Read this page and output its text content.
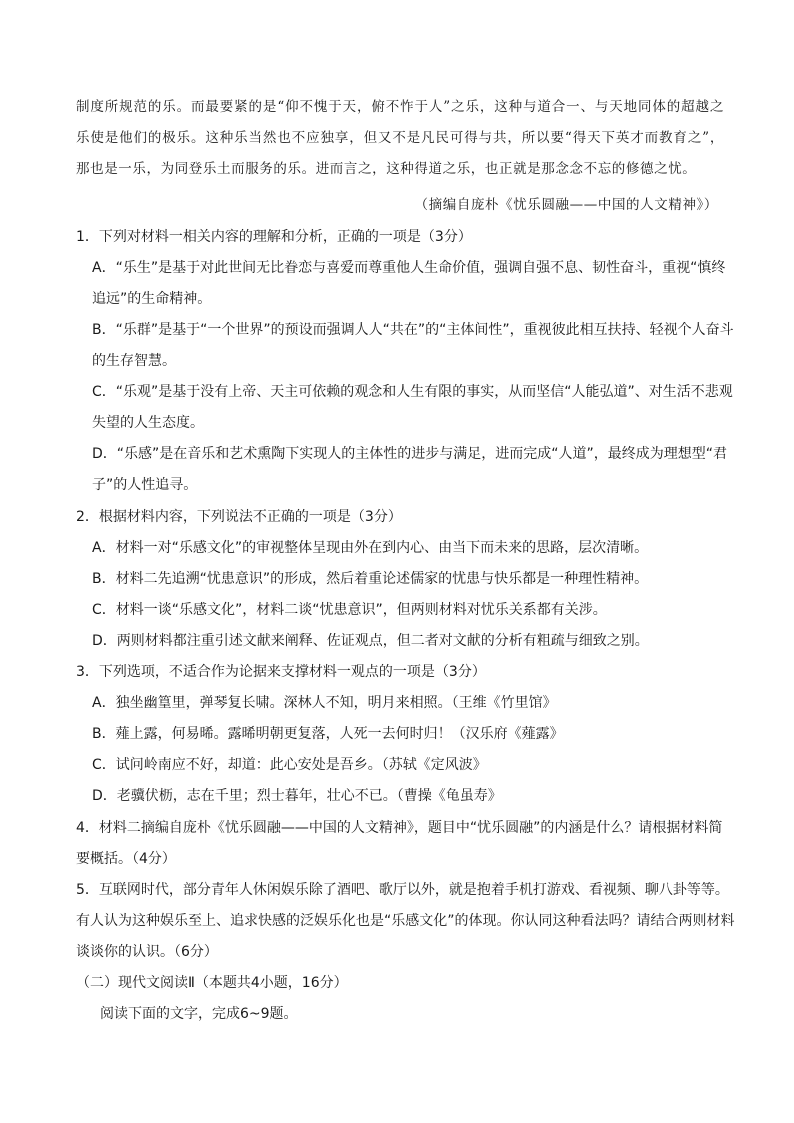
制度所规范的乐。而最要紧的是“仰不愧于天，俯不怍于人”之乐，这种与道合一、与天地同体的超越之乐使是他们的极乐。这种乐当然也不应独享，但又不是凡民可得与共，所以要“得天下英才而教育之”，那也是一乐，为同登乐土而服务的乐。进而言之，这种得道之乐，也正就是那念念不忘的修德之忧。
（摘编自庞朴《忧乐圆融——中国的人文精神》）
1．下列对材料一相关内容的理解和分析，正确的一项是（3分）
A．“乐生”是基于对此世间无比眷恋与喜爱而尊重他人生命价值，强调自强不息、韧性奋斗，重视“慎终追远”的生命精神。
B．“乐群”是基于“一个世界”的预设而强调人人“共在”的“主体间性”，重视彼此相互扶持、轻视个人奋斗的生存智慧。
C．“乐观”是基于没有上帝、天主可依赖的观念和人生有限的事实，从而坚信“人能弘道”、对生活不悲观失望的人生态度。
D．“乐感”是在音乐和艺术熏陶下实现人的主体性的进步与满足，进而完成“人道”，最终成为理想型“君子”的人性追寻。
2．根据材料内容，下列说法不正确的一项是（3分）
A．材料一对“乐感文化”的审视整体呈现由外在到内心、由当下而未来的思路，层次清晰。
B．材料二先追溯“忧患意识”的形成，然后着重论述儒家的忧患与快乐都是一种理性精神。
C．材料一谈“乐感文化”，材料二谈“忧患意识”，但两则材料对忧乐关系都有关涉。
D．两则材料都注重引述文献来阐释、佐证观点，但二者对文献的分析有粗疏与细致之别。
3．下列选项，不适合作为论据来支撑材料一观点的一项是（3分）
A．独坐幽篁里，弹琴复长啸。深林人不知，明月来相照。（王维《竹里馆》
B．薤上露，何易晞。露晞明朝更复落，人死一去何时归！（汉乐府《薤露》
C．试问岭南应不好，却道：此心安处是吾乡。（苏轼《定风波》
D．老骥伏枥，志在千里；烈士暮年，壮心不已。（曹操《龟虽寿》
4．材料二摘编自庞朴《忧乐圆融——中国的人文精神》，题目中“忧乐圆融”的内涵是什么？请根据材料简要概括。（4分）
5．互联网时代，部分青年人休闲娱乐除了酒吧、歌厅以外，就是抱着手机打游戏、看视频、聊八卦等等。有人认为这种娱乐至上、追求快感的泛娱乐化也是“乐感文化”的体现。你认同这种看法吗？请结合两则材料谈谈你的认识。（6分）
（二）现代文阅读Ⅱ（本题共4小题，16分）
阅读下面的文字，完成6~9题。
